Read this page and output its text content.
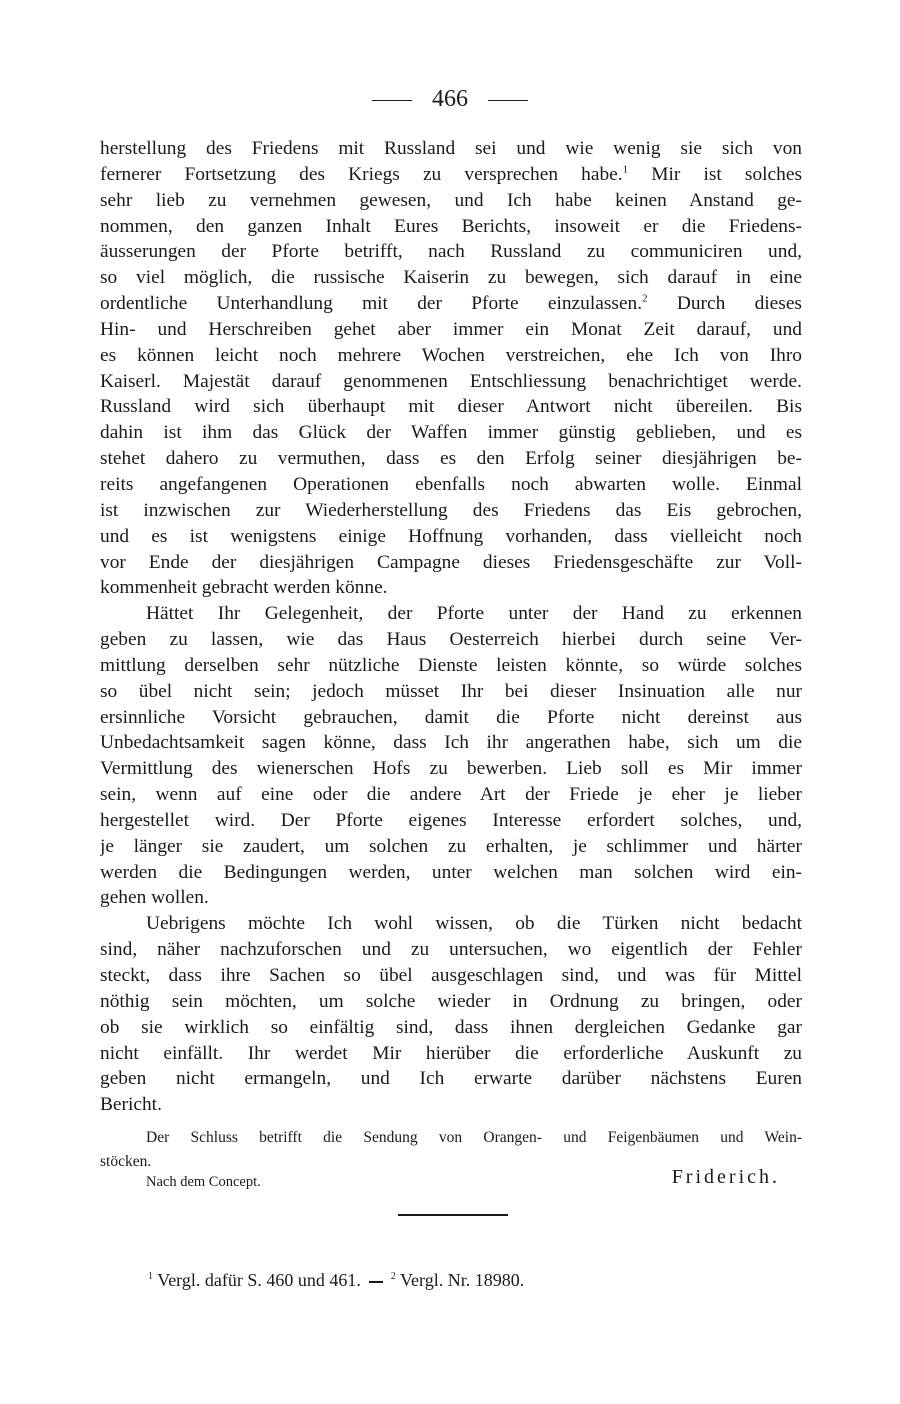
466

herstellung des Friedens mit Russland sei und wie wenig sie sich von
fernerer Fortsetzung des Kriegs zu versprechen habe.$^1$ Mir ist solches
sehr lieb zu vernehmen gewesen, und Ich habe keinen Anstand ge-
nommen, den ganzen Inhalt Eures Berichts, insoweit er die Friedens-
äusserungen der Pforte betrifft, nach Russland zu communiciren und,
so viel möglich, die russische Kaiserin zu bewegen, sich darauf in eine
ordentliche Unterhandlung mit der Pforte einzulassen.$^2$ Durch dieses
Hin- und Herschreiben gehet aber immer ein Monat Zeit darauf, und
es können leicht noch mehrere Wochen verstreichen, ehe Ich von Ihro
Kaiserl. Majestät darauf genommenen Entschliessung benachrichtiget werde.
Russland wird sich überhaupt mit dieser Antwort nicht übereilen. Bis
dahin ist ihm das Glück der Waffen immer günstig geblieben, und es
stehet dahero zu vermuthen, dass es den Erfolg seiner diesjährigen be-
reits angefangenen Operationen ebenfalls noch abwarten wolle. Einmal
ist inzwischen zur Wiederherstellung des Friedens das Eis gebrochen,
und es ist wenigstens einige Hoffnung vorhanden, dass vielleicht noch
vor Ende der diesjährigen Campagne dieses Friedensgeschäfte zur Voll-
kommenheit gebracht werden könne.

Hättet Ihr Gelegenheit, der Pforte unter der Hand zu erkennen
geben zu lassen, wie das Haus Oesterreich hierbei durch seine Ver-
mittlung derselben sehr nützliche Dienste leisten könnte, so würde solches
so übel nicht sein; jedoch müsset Ihr bei dieser Insinuation alle nur
ersinnliche Vorsicht gebrauchen, damit die Pforte nicht dereinst aus
Unbedachtsamkeit sagen könne, dass Ich ihr angerathen habe, sich um die
Vermittlung des wienerschen Hofs zu bewerben. Lieb soll es Mir immer
sein, wenn auf eine oder die andere Art der Friede je eher je lieber
hergestellet wird. Der Pforte eigenes Interesse erfordert solches, und,
je länger sie zaudert, um solchen zu erhalten, je schlimmer und härter
werden die Bedingungen werden, unter welchen man solchen wird ein-
gehen wollen.

Uebrigens möchte Ich wohl wissen, ob die Türken nicht bedacht
sind, näher nachzuforschen und zu untersuchen, wo eigentlich der Fehler
steckt, dass ihre Sachen so übel ausgeschlagen sind, und was für Mittel
nöthig sein möchten, um solche wieder in Ordnung zu bringen, oder
ob sie wirklich so einfältig sind, dass ihnen dergleichen Gedanke gar
nicht einfällt. Ihr werdet Mir hierüber die erforderliche Auskunft zu
geben nicht ermangeln, und Ich erwarte darüber nächstens Euren
Bericht.

Der Schluss betrifft die Sendung von Orangen- und Feigenbäumen und Wein-
stöcken.
Nach dem Concept.	Friderich.
$^1$ Vergl. dafür S. 460 und 461.	$^2$ Vergl. Nr. 18980.
